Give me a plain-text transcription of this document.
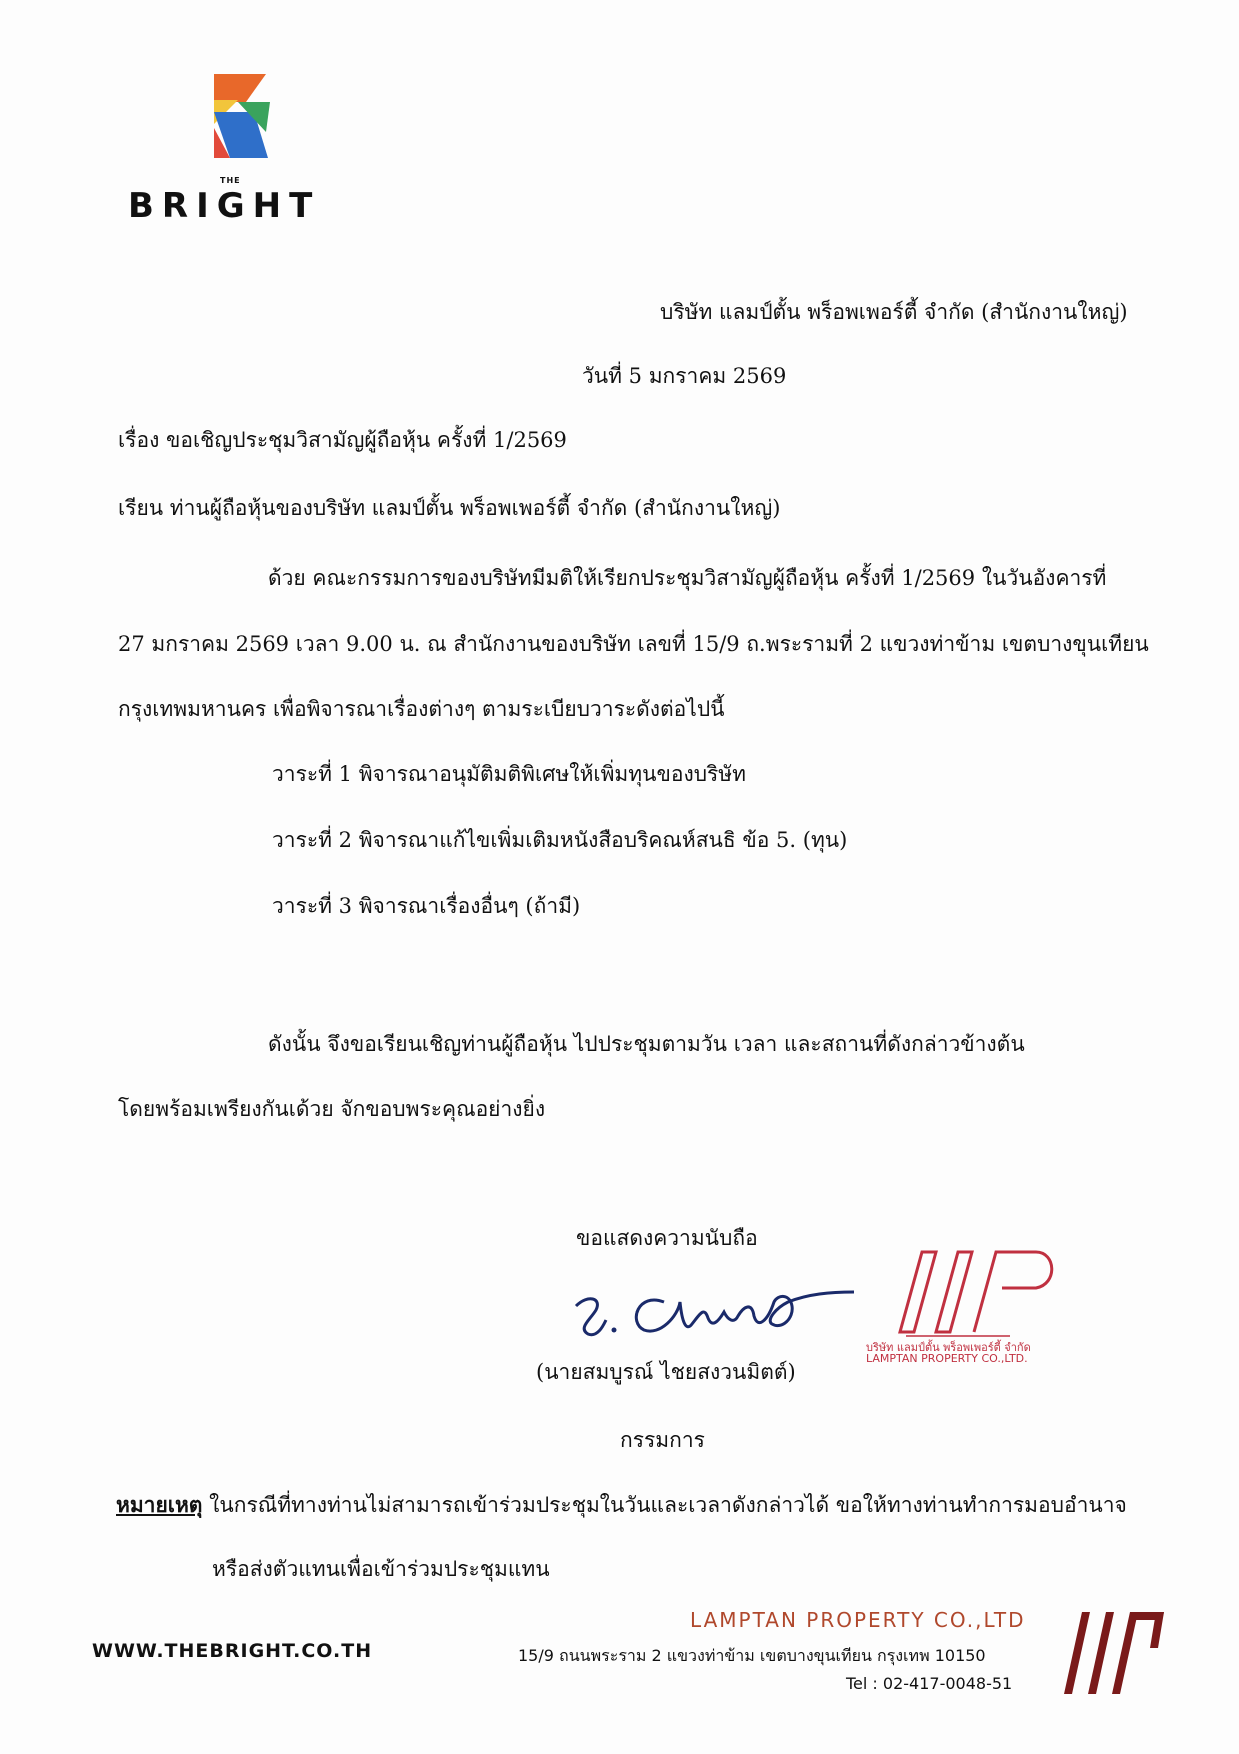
THE
BRIGHT
บริษัท แลมป์ตั้น พร็อพเพอร์ตี้ จำกัด (สำนักงานใหญ่)
วันที่ 5 มกราคม 2569
เรื่อง ขอเชิญประชุมวิสามัญผู้ถือหุ้น ครั้งที่ 1/2569
เรียน ท่านผู้ถือหุ้นของบริษัท แลมป์ตั้น พร็อพเพอร์ตี้ จำกัด (สำนักงานใหญ่)
ด้วย คณะกรรมการของบริษัทมีมติให้เรียกประชุมวิสามัญผู้ถือหุ้น ครั้งที่ 1/2569 ในวันอังคารที่
27 มกราคม 2569 เวลา 9.00 น. ณ สำนักงานของบริษัท เลขที่ 15/9 ถ.พระรามที่ 2 แขวงท่าข้าม เขตบางขุนเทียน
กรุงเทพมหานคร เพื่อพิจารณาเรื่องต่างๆ ตามระเบียบวาระดังต่อไปนี้
วาระที่ 1 พิจารณาอนุมัติมติพิเศษให้เพิ่มทุนของบริษัท
วาระที่ 2 พิจารณาแก้ไขเพิ่มเติมหนังสือบริคณห์สนธิ ข้อ 5. (ทุน)
วาระที่ 3 พิจารณาเรื่องอื่นๆ (ถ้ามี)
ดังนั้น จึงขอเรียนเชิญท่านผู้ถือหุ้น ไปประชุมตามวัน เวลา และสถานที่ดังกล่าวข้างต้น
โดยพร้อมเพรียงกันเด้วย จักขอบพระคุณอย่างยิ่ง
ขอแสดงความนับถือ
บริษัท แลมป์ตั้น พร็อพเพอร์ตี้ จำกัด
LAMPTAN PROPERTY CO.,LTD.
(นายสมบูรณ์ ไชยสงวนมิตต์)
กรรมการ
หมายเหตุ ในกรณีที่ทางท่านไม่สามารถเข้าร่วมประชุมในวันและเวลาดังกล่าวได้ ขอให้ทางท่านทำการมอบอำนาจ
หรือส่งตัวแทนเพื่อเข้าร่วมประชุมแทน
WWW.THEBRIGHT.CO.TH
LAMPTAN PROPERTY CO.,LTD
15/9 ถนนพระราม 2 แขวงท่าข้าม เขตบางขุนเทียน กรุงเทพ 10150
Tel : 02-417-0048-51
